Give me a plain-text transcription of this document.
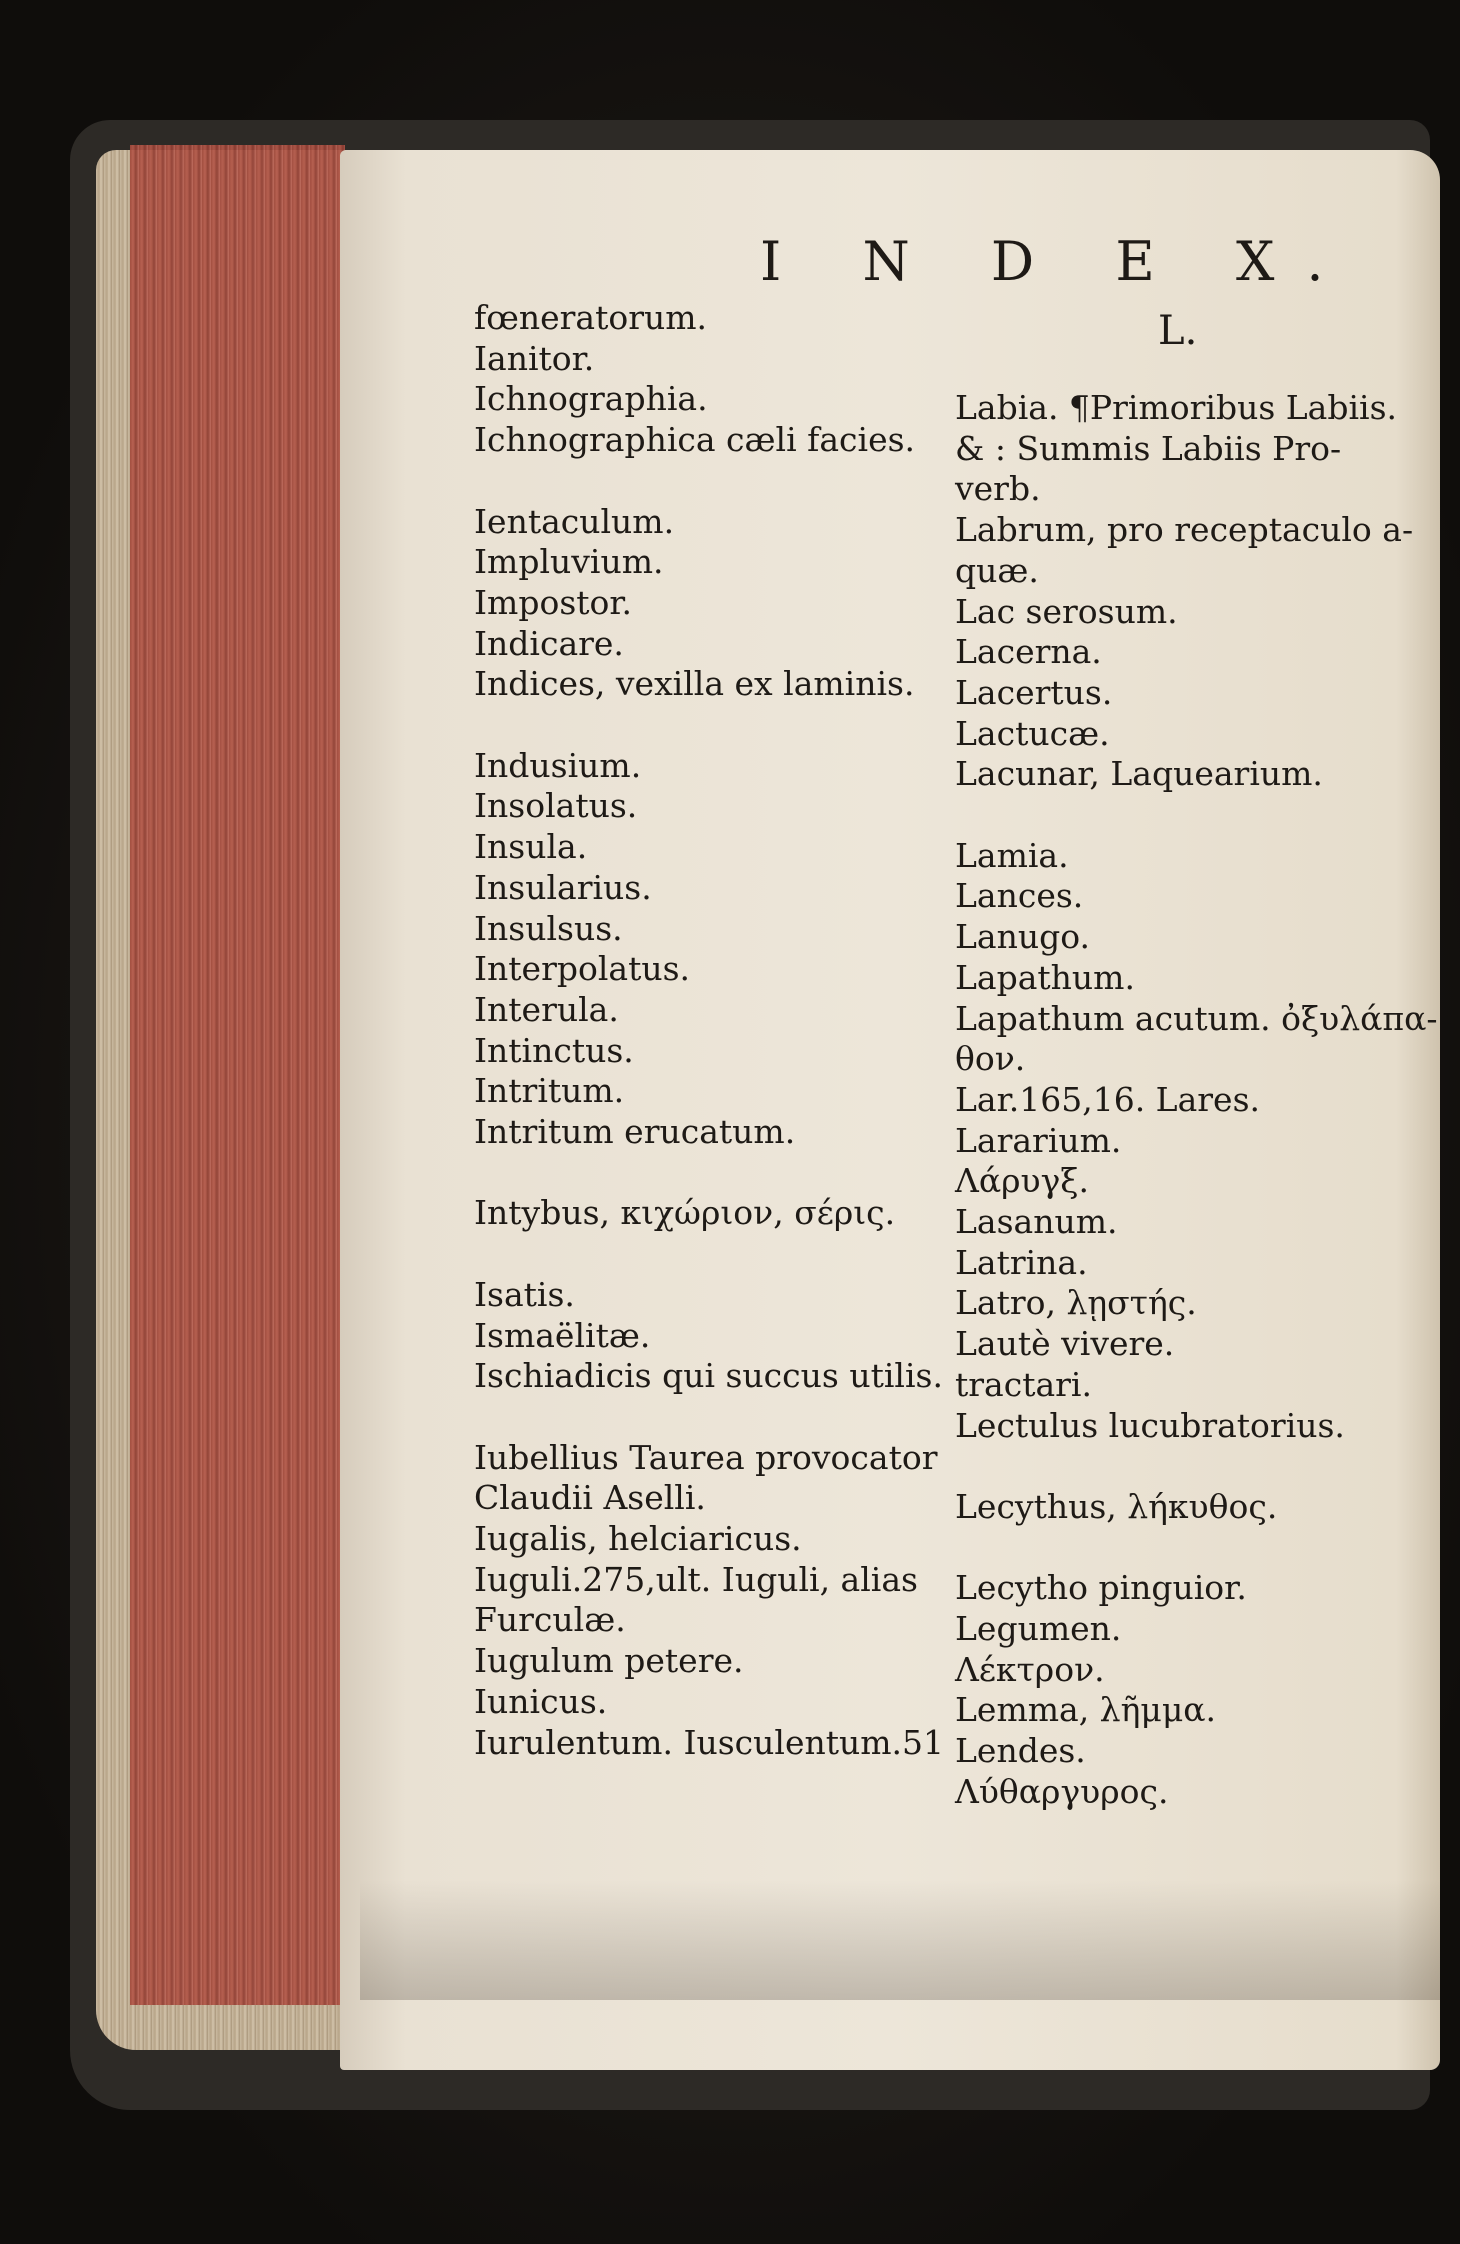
I N D E X.
fœneratorum.
Ianitor.
Ichnographia.
Ichnographica cæli facies.
Ientaculum.
Impluvium.
Impostor.
Indicare.
Indices, vexilla ex laminis.
Indusium.
Insolatus.
Insula.
Insularius.
Insulsus.
Interpolatus.
Interula.
Intinctus.
Intritum.
Intritum erucatum.
Intybus, κιχώριον, σέρις.
Isatis.
Ismaëlitæ.
Ischiadicis qui succus utilis.
Iubellius Taurea provocator
Claudii Aselli.
Iugalis, helciaricus.
Iuguli.275,ult. Iuguli, alias
Furculæ.
Iugulum petere.
Iunicus.
Iurulentum. Iusculentum.51
L.
Labia. ¶Primoribus Labiis.
& : Summis Labiis Pro-
verb.
Labrum, pro receptaculo a-
quæ.
Lac serosum.
Lacerna.
Lacertus.
Lactucæ.
Lacunar, Laquearium.
Lamia.
Lances.
Lanugo.
Lapathum.
Lapathum acutum. ὀξυλάπα-
θον.
Lar.165,16. Lares.
Lararium.
Λάρυγξ.
Lasanum.
Latrina.
Latro, λῃστής.
Lautè vivere.
tractari.
Lectulus lucubratorius.
Lecythus, λήκυθος.
Lecytho pinguior.
Legumen.
Λέκτρον.
Lemma, λῆμμα.
Lendes.
Λύθαργυρος.
